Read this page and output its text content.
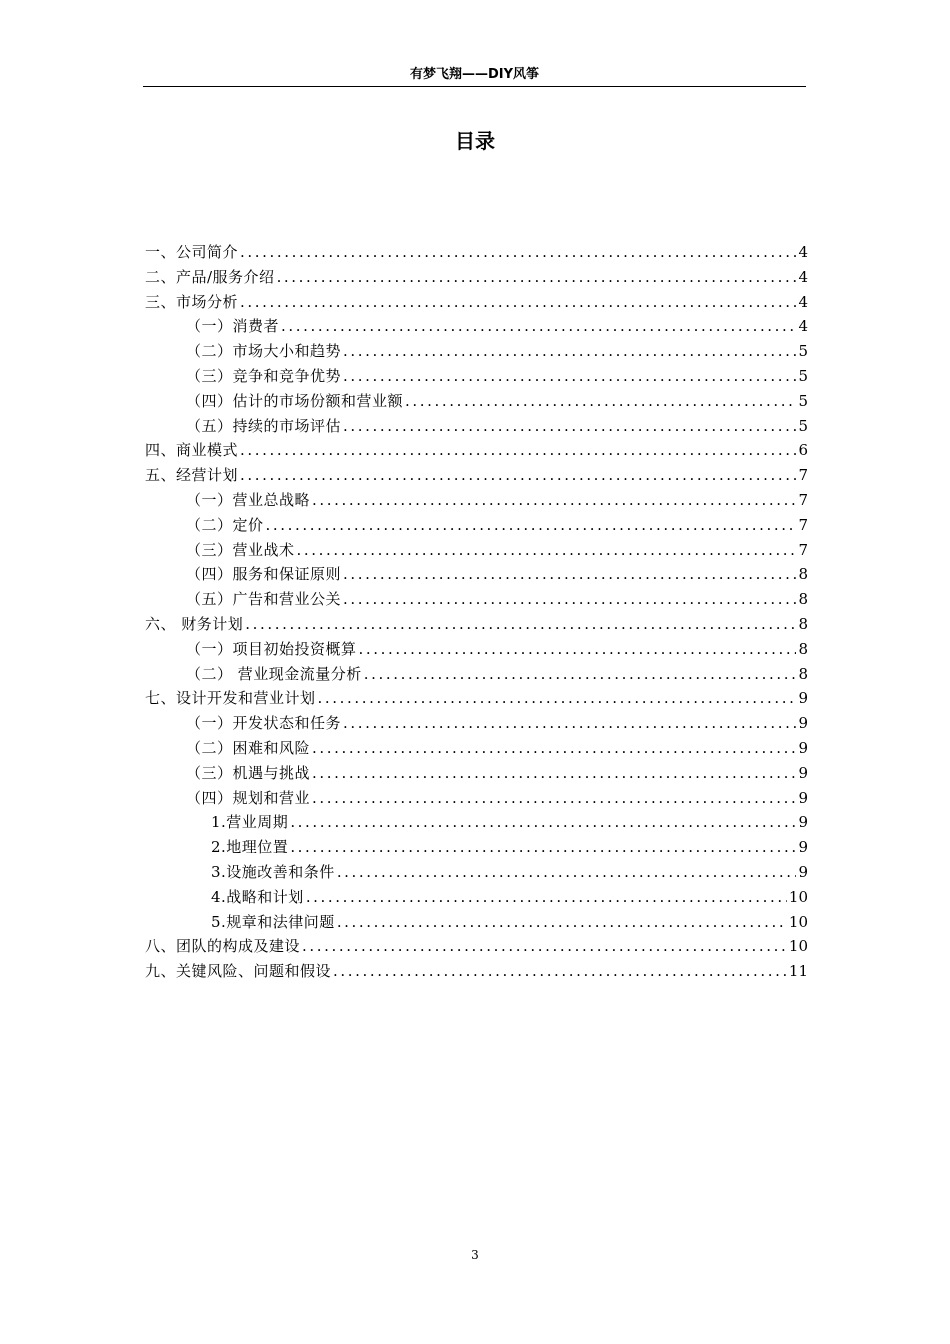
有梦飞翔——DIY风筝
目录
一、公司简介 .....	4
二、产品/服务介绍 .....	4
三、市场分析 .....	4
（一）消费者 .....	4
（二）市场大小和趋势 .....	5
（三）竞争和竞争优势 .....	5
（四）估计的市场份额和营业额 .....	5
（五）持续的市场评估 .....	5
四、商业模式 .....	6
五、经营计划 .....	7
（一）营业总战略 .....	7
（二）定价 .....	7
（三）营业战术 .....	7
（四）服务和保证原则 .....	8
（五）广告和营业公关 .....	8
六、 财务计划 .....	8
（一）项目初始投资概算 .....	8
（二） 营业现金流量分析 .....	8
七、设计开发和营业计划 .....	9
（一）开发状态和任务 .....	9
（二）困难和风险 .....	9
（三）机遇与挑战 .....	9
（四）规划和营业 .....	9
1.营业周期 .....	9
2.地理位置 .....	9
3.设施改善和条件 .....	9
4.战略和计划 .....	10
5.规章和法律问题 .....	10
八、团队的构成及建设 .....	10
九、关键风险、问题和假设 .....	11
3
